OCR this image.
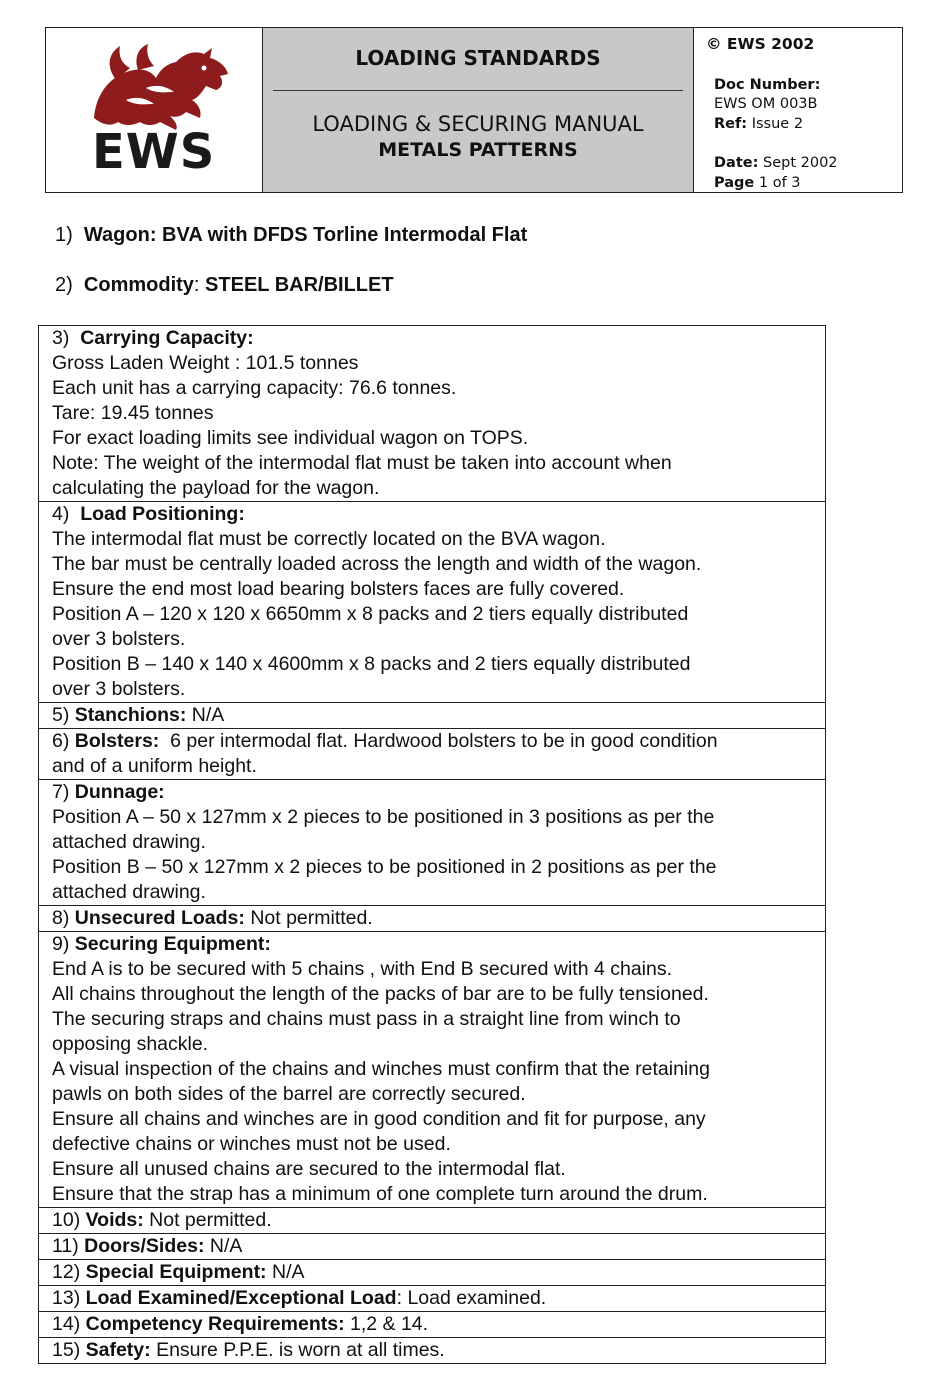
EWS
LOADING STANDARDS
LOADING & SECURING MANUAL
METALS PATTERNS
© EWS 2002
Doc Number:
EWS OM 003B
Ref: Issue 2
Date: Sept 2002
Page 1 of 3
1) Wagon: BVA with DFDS Torline Intermodal Flat
2) Commodity: STEEL BAR/BILLET

3) Carrying Capacity:

Gross Laden Weight : 101.5 tonnes

Each unit has a carrying capacity: 76.6 tonnes.

Tare: 19.45 tonnes

For exact loading limits see individual wagon on TOPS.

Note: The weight of the intermodal flat must be taken into account when

calculating the payload for the wagon.

4) Load Positioning:

The intermodal flat must be correctly located on the BVA wagon.

The bar must be centrally loaded across the length and width of the wagon.

Ensure the end most load bearing bolsters faces are fully covered.

Position A – 120 x 120 x 6650mm x 8 packs and 2 tiers equally distributed

over 3 bolsters.

Position B – 140 x 140 x 4600mm x 8 packs and 2 tiers equally distributed

over 3 bolsters.

5) Stanchions: N/A

6) Bolsters: 6 per intermodal flat. Hardwood bolsters to be in good condition

and of a uniform height.

7) Dunnage:

Position A – 50 x 127mm x 2 pieces to be positioned in 3 positions as per the

attached drawing.

Position B – 50 x 127mm x 2 pieces to be positioned in 2 positions as per the

attached drawing.

8) Unsecured Loads: Not permitted.

9) Securing Equipment:

End A is to be secured with 5 chains , with End B secured with 4 chains.

All chains throughout the length of the packs of bar are to be fully tensioned.

The securing straps and chains must pass in a straight line from winch to

opposing shackle.

A visual inspection of the chains and winches must confirm that the retaining

pawls on both sides of the barrel are correctly secured.

Ensure all chains and winches are in good condition and fit for purpose, any

defective chains or winches must not be used.

Ensure all unused chains are secured to the intermodal flat.

Ensure that the strap has a minimum of one complete turn around the drum.

10) Voids: Not permitted.

11) Doors/Sides: N/A

12) Special Equipment: N/A

13) Load Examined/Exceptional Load: Load examined.

14) Competency Requirements: 1,2 & 14.

15) Safety: Ensure P.P.E. is worn at all times.
